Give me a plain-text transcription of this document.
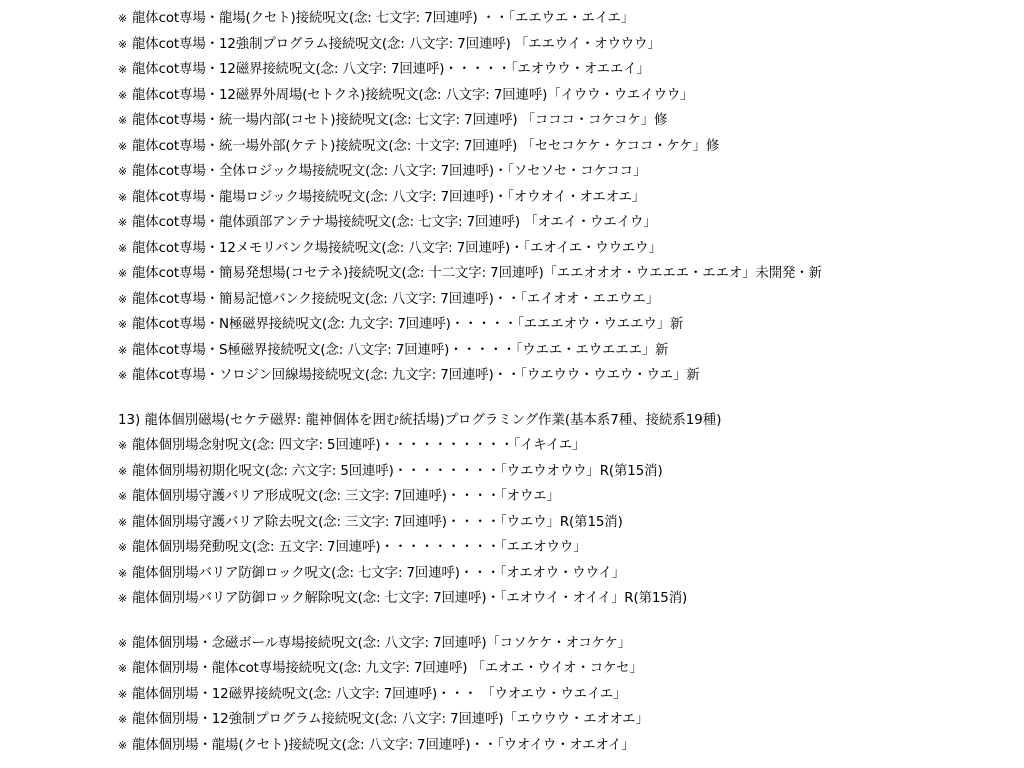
※ 龍体cot専場・龍場(クセト)接続呪文(念: 七文字: 7回連呼) ・・「エエウエ・エイエ」
※ 龍体cot専場・12強制プログラム接続呪文(念: 八文字: 7回連呼) 「エエウイ・オウウウ」
※ 龍体cot専場・12磁界接続呪文(念: 八文字: 7回連呼)・・・・・「エオウウ・オエエイ」
※ 龍体cot専場・12磁界外周場(セトクネ)接続呪文(念: 八文字: 7回連呼)「イウウ・ウエイウウ」
※ 龍体cot専場・統一場内部(コセト)接続呪文(念: 七文字: 7回連呼) 「コココ・コケコケ」修
※ 龍体cot専場・統一場外部(ケテト)接続呪文(念: 十文字: 7回連呼) 「セセコケケ・ケココ・ケケ」修
※ 龍体cot専場・全体ロジック場接続呪文(念: 八文字: 7回連呼)・「ソセソセ・コケココ」
※ 龍体cot専場・龍場ロジック場接続呪文(念: 八文字: 7回連呼)・「オウオイ・オエオエ」
※ 龍体cot専場・龍体頭部アンテナ場接続呪文(念: 七文字: 7回連呼) 「オエイ・ウエイウ」
※ 龍体cot専場・12メモリバンク場接続呪文(念: 八文字: 7回連呼)・「エオイエ・ウウエウ」
※ 龍体cot専場・簡易発想場(コセテネ)接続呪文(念: 十二文字: 7回連呼)「エエオオオ・ウエエエ・エエオ」未開発・新
※ 龍体cot専場・簡易記憶バンク接続呪文(念: 八文字: 7回連呼)・・「エイオオ・エエウエ」
※ 龍体cot専場・N極磁界接続呪文(念: 九文字: 7回連呼)・・・・・「エエエオウ・ウエエウ」新
※ 龍体cot専場・S極磁界接続呪文(念: 八文字: 7回連呼)・・・・・「ウエエ・エウエエエ」新
※ 龍体cot専場・ソロジン回線場接続呪文(念: 九文字: 7回連呼)・・「ウエウウ・ウエウ・ウエ」新
13) 龍体個別磁場(セケテ磁界: 龍神個体を囲む統括場)プログラミング作業(基本系7種、接続系19種)
※ 龍体個別場念射呪文(念: 四文字: 5回連呼)・・・・・・・・・・「イキイエ」
※ 龍体個別場初期化呪文(念: 六文字: 5回連呼)・・・・・・・・「ウエウオウウ」R(第15消)
※ 龍体個別場守護バリア形成呪文(念: 三文字: 7回連呼)・・・・「オウエ」
※ 龍体個別場守護バリア除去呪文(念: 三文字: 7回連呼)・・・・「ウエウ」R(第15消)
※ 龍体個別場発動呪文(念: 五文字: 7回連呼)・・・・・・・・・「エエオウウ」
※ 龍体個別場バリア防御ロック呪文(念: 七文字: 7回連呼)・・・「オエオウ・ウウイ」
※ 龍体個別場バリア防御ロック解除呪文(念: 七文字: 7回連呼)・「エオウイ・オイイ」R(第15消)
※ 龍体個別場・念磁ボール専場接続呪文(念: 八文字: 7回連呼)「コソケケ・オコケケ」
※ 龍体個別場・龍体cot専場接続呪文(念: 九文字: 7回連呼) 「エオエ・ウイオ・コケセ」
※ 龍体個別場・12磁界接続呪文(念: 八文字: 7回連呼)・・・ 「ウオエウ・ウエイエ」
※ 龍体個別場・12強制プログラム接続呪文(念: 八文字: 7回連呼)「エウウウ・エオオエ」
※ 龍体個別場・龍場(クセト)接続呪文(念: 八文字: 7回連呼)・・「ウオイウ・オエオイ」
